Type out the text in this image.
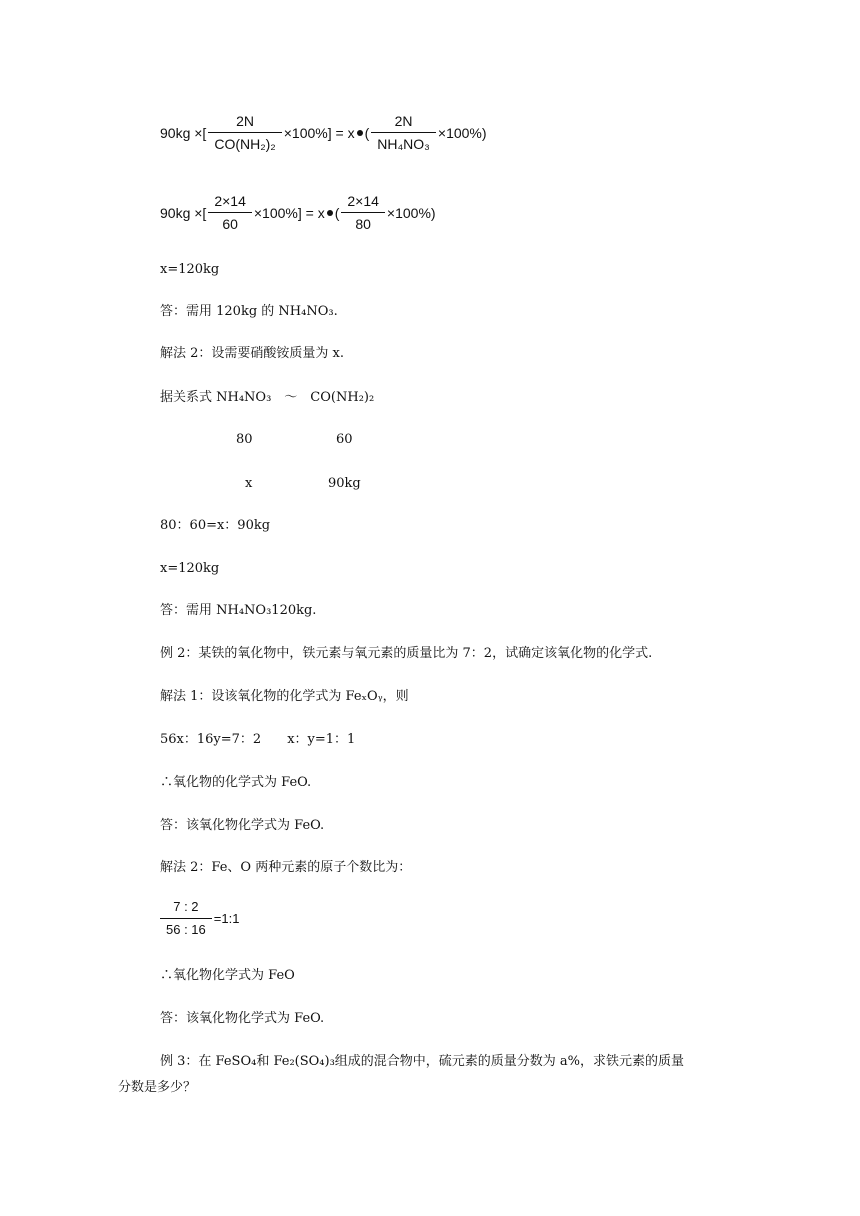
90kg ×[ $\frac{2N}{\text{CO(NH₂)₂}} \times 100\%] = x$ ( $\frac{2N}{\text{NH₄NO₃}} \times 100\%$)
90kg ×[ $\frac{2\times 14}{60} \times 100\%] = x$ ( $\frac{2\times 14}{80} \times 100\%$)
x=120kg
答：需用 120kg 的 NH₄NO₃.
解法 2：设需要硝酸铵质量为 x.
据关系式 NH₄NO₃　～　CO(NH₂)₂
80	60
x	90kg
80：60=x：90kg
x=120kg
答：需用 NH₄NO₃120kg.
例 2：某铁的氧化物中，铁元素与氧元素的质量比为 7：2，试确定该氧化物的化学式.
解法 1：设该氧化物的化学式为 FeₓOᵧ，则
56x：16y=7：2　　x：y=1：1
∴氧化物的化学式为 FeO.
答：该氧化物化学式为 FeO.
解法 2：Fe、O 两种元素的原子个数比为：
$\frac{7 : 2}{56 : 16}$ =1:1
∴氧化物化学式为 FeO
答：该氧化物化学式为 FeO.
例 3：在 FeSO₄和 Fe₂(SO₄)₃组成的混合物中，硫元素的质量分数为 a%，求铁元素的质量
分数是多少？
